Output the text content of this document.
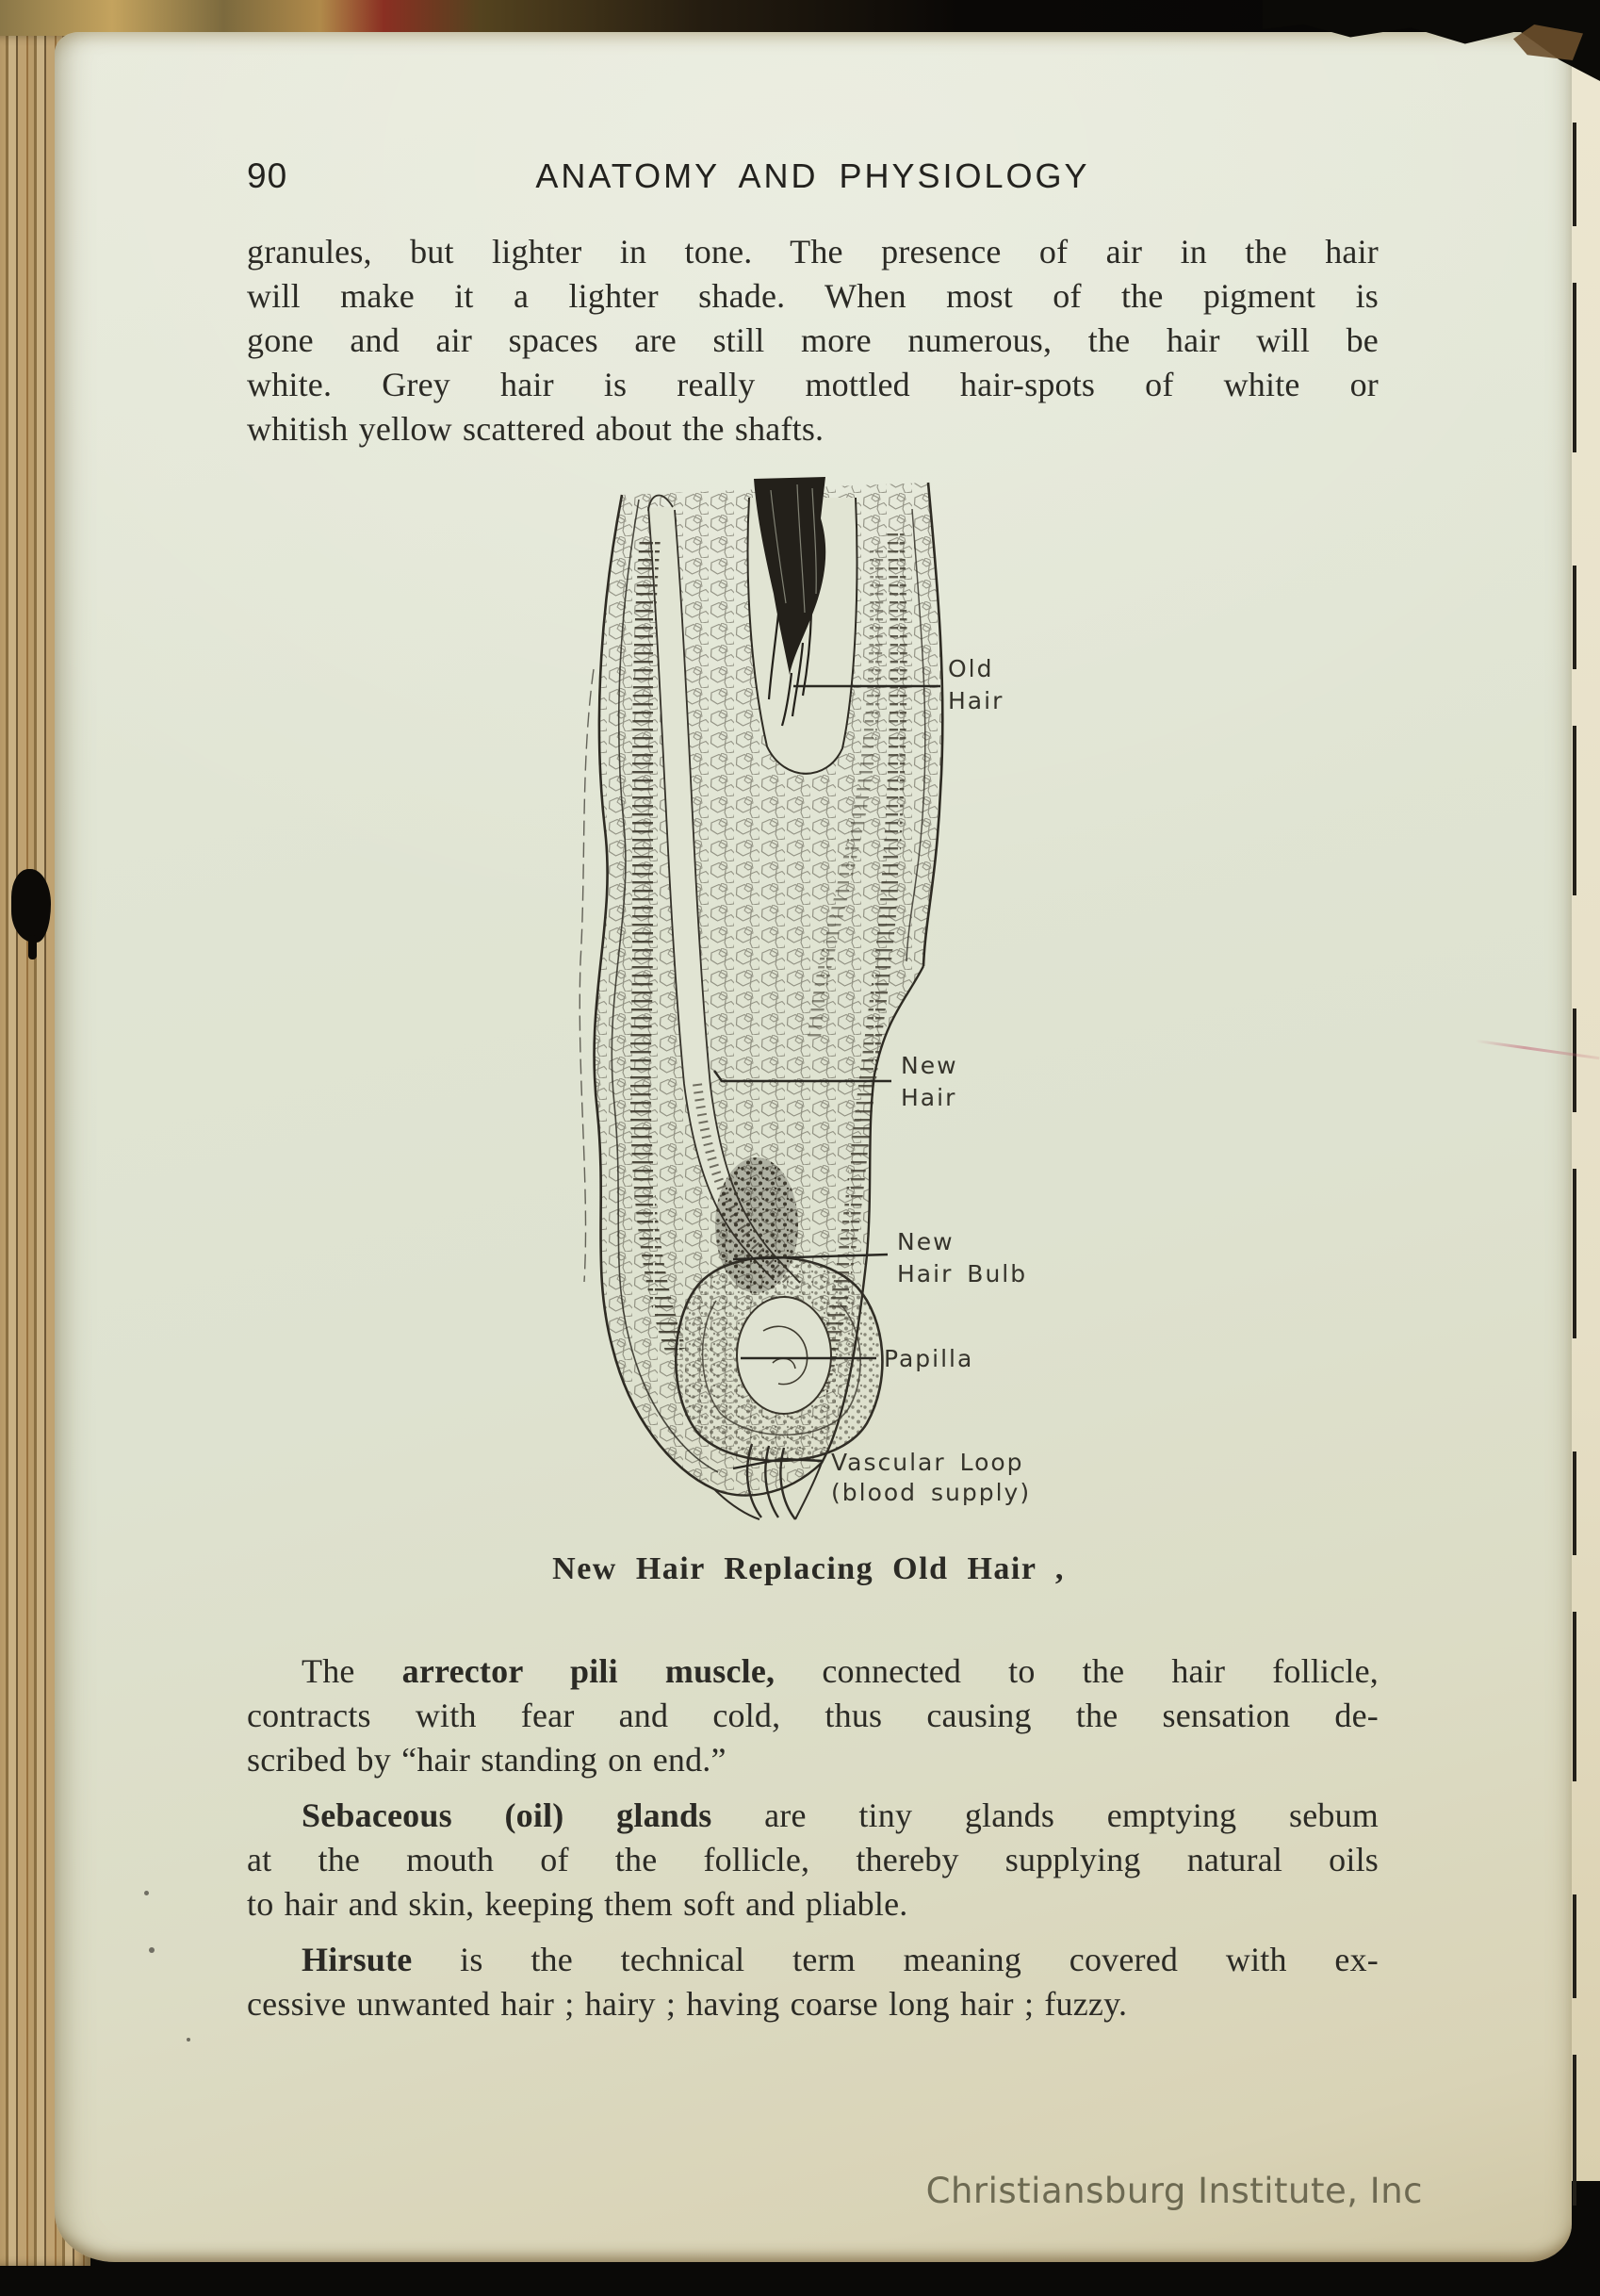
90	ANATOMY AND PHYSIOLOGY
granules, but lighter in tone. The presence of air in the hair
will make it a lighter shade. When most of the pigment is
gone and air spaces are still more numerous, the hair will be
white. Grey hair is really mottled hair-spots of white or
whitish yellow scattered about the shafts.
Old
Hair
New
Hair
New
Hair Bulb
Papilla
Vascular Loop
(blood supply)
New Hair Replacing Old Hair ,
The arrector pili muscle, connected to the hair follicle,
contracts with fear and cold, thus causing the sensation de-
scribed by “hair standing on end.”
Sebaceous (oil) glands are tiny glands emptying sebum
at the mouth of the follicle, thereby supplying natural oils
to hair and skin, keeping them soft and pliable.
Hirsute is the technical term meaning covered with ex-
cessive unwanted hair ; hairy ; having coarse long hair ; fuzzy.
Christiansburg Institute, Inc
